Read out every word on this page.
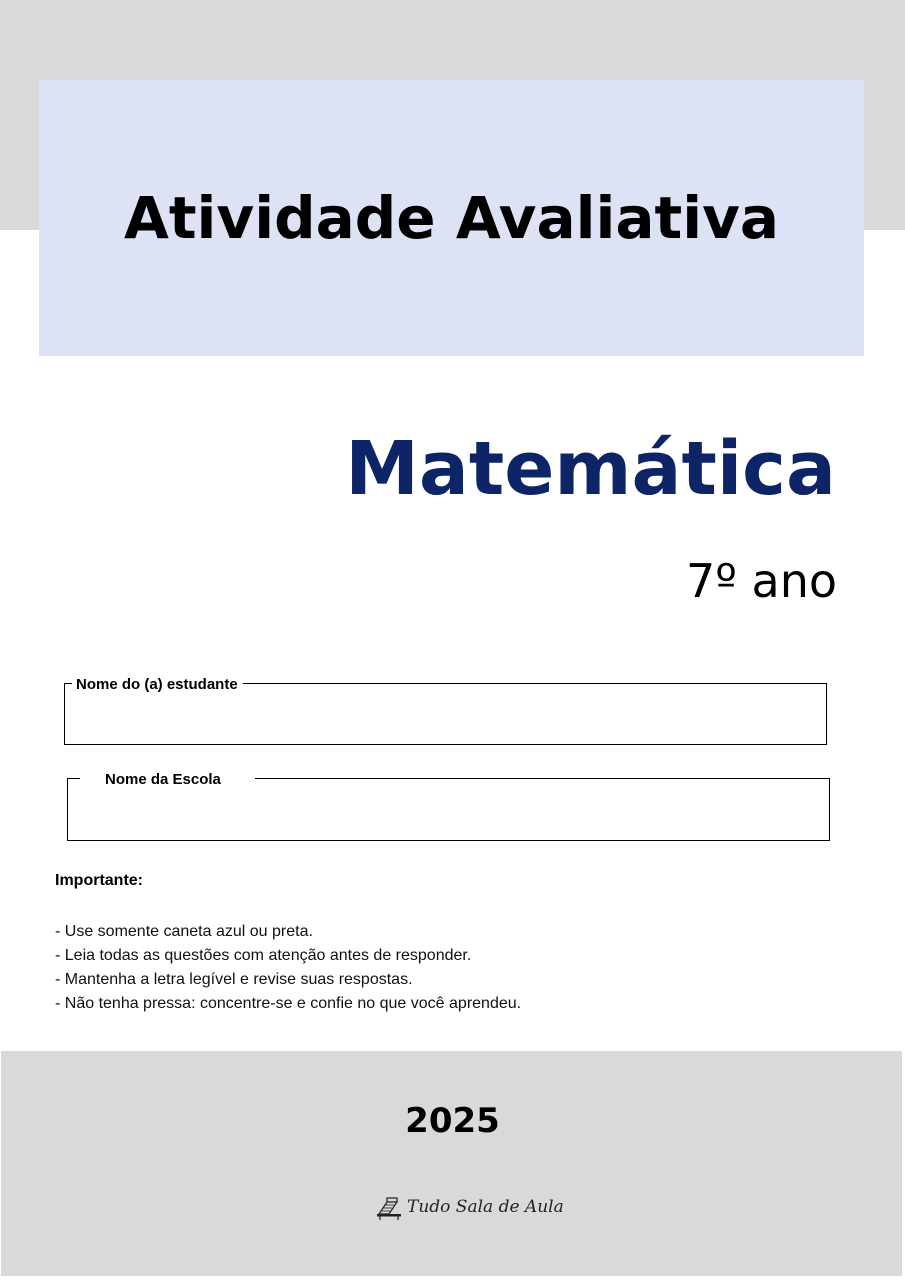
Atividade Avaliativa
Matemática
7º ano
Nome do (a) estudante
Nome da Escola
Importante:
- Use somente caneta azul ou preta.
- Leia todas as questões com atenção antes de responder.
- Mantenha a letra legível e revise suas respostas.
- Não tenha pressa: concentre-se e confie no que você aprendeu.
2025
Tudo Sala de Aula
